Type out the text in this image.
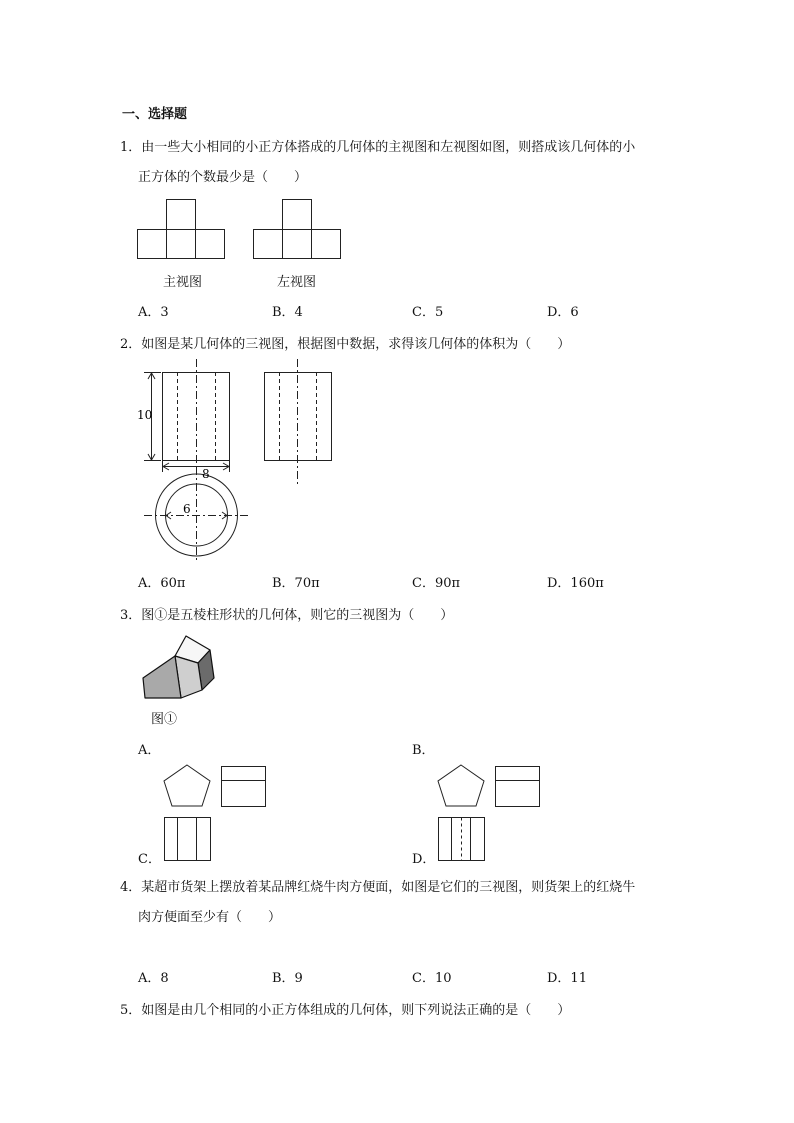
一、选择题
1．由一些大小相同的小正方体搭成的几何体的主视图和左视图如图，则搭成该几何体的小
正方体的个数最少是（　　）
主视图	左视图
A．3	B．4	C．5	D．6
2．如图是某几何体的三视图，根据图中数据，求得该几何体的体积为（　　）
10
8
6
A．60π	B．70π	C．90π	D．160π
3．图①是五棱柱形状的几何体，则它的三视图为（　　）
图①
A．	B．
C．	D．
4．某超市货架上摆放着某品牌红烧牛肉方便面，如图是它们的三视图，则货架上的红烧牛
肉方便面至少有（　　）
A．8	B．9	C．10	D．11
5．如图是由几个相同的小正方体组成的几何体，则下列说法正确的是（　　）
